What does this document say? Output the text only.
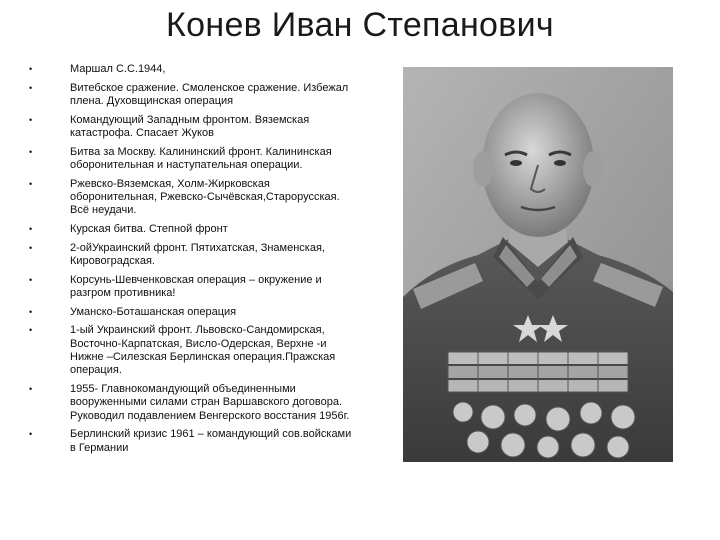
Конев Иван Степанович
•	Маршал С.С.1944,
•	Витебское сражение. Смоленское сражение. Избежал плена. Духовщинская операция
•	Командующий Западным фронтом. Вяземская катастрофа. Спасает Жуков
•	Битва за Москву. Калининский фронт. Калининская оборонительная и наступательная операции.
•	Ржевско-Вяземская, Холм-Жирковская оборонительная, Ржевско-Сычёвская,Старорусская. Всё неудачи.
•	Курская битва. Степной фронт
•	2-ойУкраинский фронт. Пятихатская, Знаменская, Кировоградская.
•	Корсунь-Шевченковская операция – окружение и разгром противника!
•	Уманско-Боташанская операция
•	1-ый Украинский фронт. Львовско-Сандомирская, Восточно-Карпатская, Висло-Одерская, Верхне -и Нижне –Силезская Берлинская операция.Пражская операция.
•	1955- Главнокомандующий объединенными вооруженными силами стран Варшавского договора. Руководил подавлением Венгерского восстания 1956г.
•	Берлинский кризис 1961 – командующий сов.войсками в Германии
